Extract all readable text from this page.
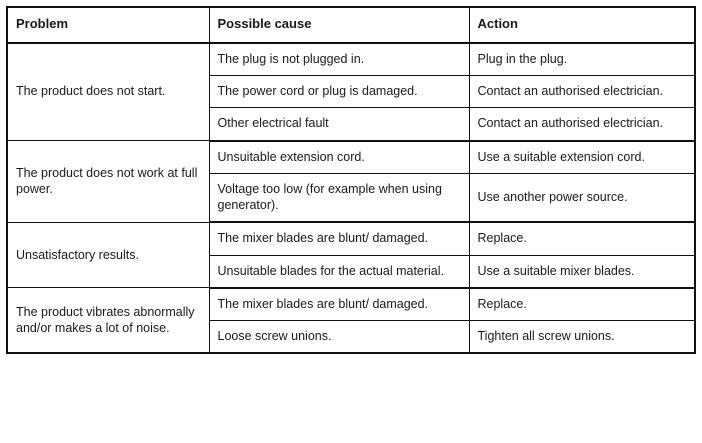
Problem	Possible cause	Action
The product does not start.	The plug is not plugged in.	Plug in the plug.
	The power cord or plug is damaged.	Contact an authorised electrician.
	Other electrical fault	Contact an authorised electrician.
The product does not work at full power.	Unsuitable extension cord.	Use a suitable extension cord.
	Voltage too low (for example when using generator).	Use another power source.
Unsatisfactory results.	The mixer blades are blunt/ damaged.	Replace.
	Unsuitable blades for the actual material.	Use a suitable mixer blades.
The product vibrates abnormally and/or makes a lot of noise.	The mixer blades are blunt/ damaged.	Replace.
	Loose screw unions.	Tighten all screw unions.
